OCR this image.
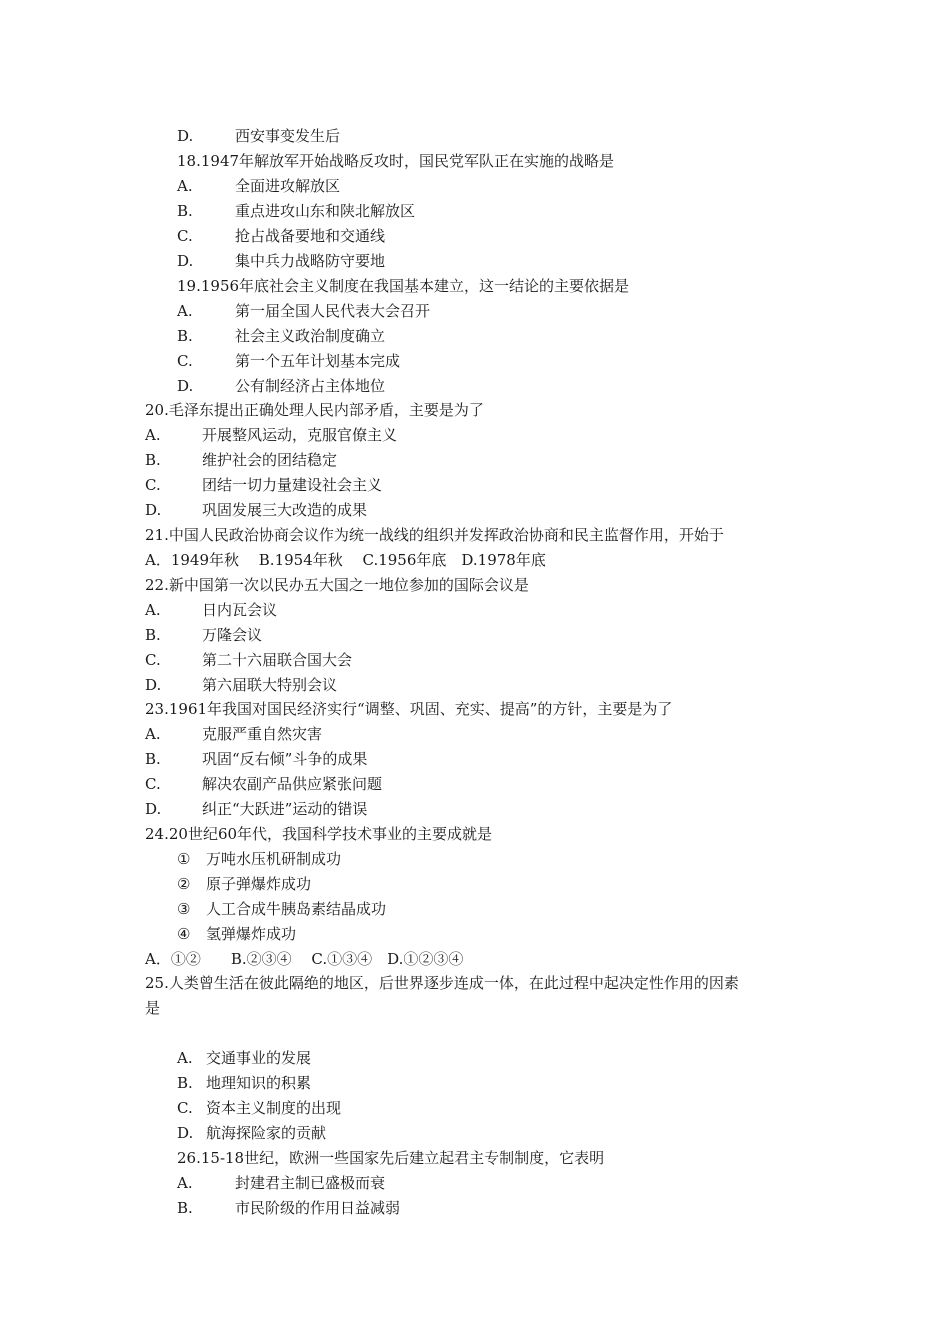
D.	西安事变发生后
18.1947年解放军开始战略反攻时，国民党军队正在实施的战略是
A.	全面进攻解放区
B.	重点进攻山东和陕北解放区
C.	抢占战备要地和交通线
D.	集中兵力战略防守要地
19.1956年底社会主义制度在我国基本建立，这一结论的主要依据是
A.	第一届全国人民代表大会召开
B.	社会主义政治制度确立
C.	第一个五年计划基本完成
D.	公有制经济占主体地位
20.毛泽东提出正确处理人民内部矛盾，主要是为了
A.	开展整风运动，克服官僚主义
B.	维护社会的团结稳定
C.	团结一切力量建设社会主义
D.	巩固发展三大改造的成果
21.中国人民政治协商会议作为统一战线的组织并发挥政治协商和民主监督作用，开始于
A．1949年秋　 B.1954年秋　 C.1956年底　D.1978年底
22.新中国第一次以民办五大国之一地位参加的国际会议是
A.	日内瓦会议
B.	万隆会议
C.	第二十六届联合国大会
D.	第六届联大特别会议
23.1961年我国对国民经济实行“调整、巩固、充实、提高”的方针，主要是为了
A.	克服严重自然灾害
B.	巩固“反右倾”斗争的成果
C.	解决农副产品供应紧张问题
D.	纠正“大跃进”运动的错误
24.20世纪60年代，我国科学技术事业的主要成就是
① 万吨水压机研制成功
② 原子弹爆炸成功
③ 人工合成牛胰岛素结晶成功
④ 氢弹爆炸成功
A．①②　　B.②③④　 C.①③④　D.①②③④
25.人类曾生活在彼此隔绝的地区，后世界逐步连成一体，在此过程中起决定性作用的因素
是
A. 交通事业的发展
B. 地理知识的积累
C. 资本主义制度的出现
D. 航海探险家的贡献
26.15-18世纪，欧洲一些国家先后建立起君主专制制度，它表明
A.	封建君主制已盛极而衰
B.	市民阶级的作用日益减弱
